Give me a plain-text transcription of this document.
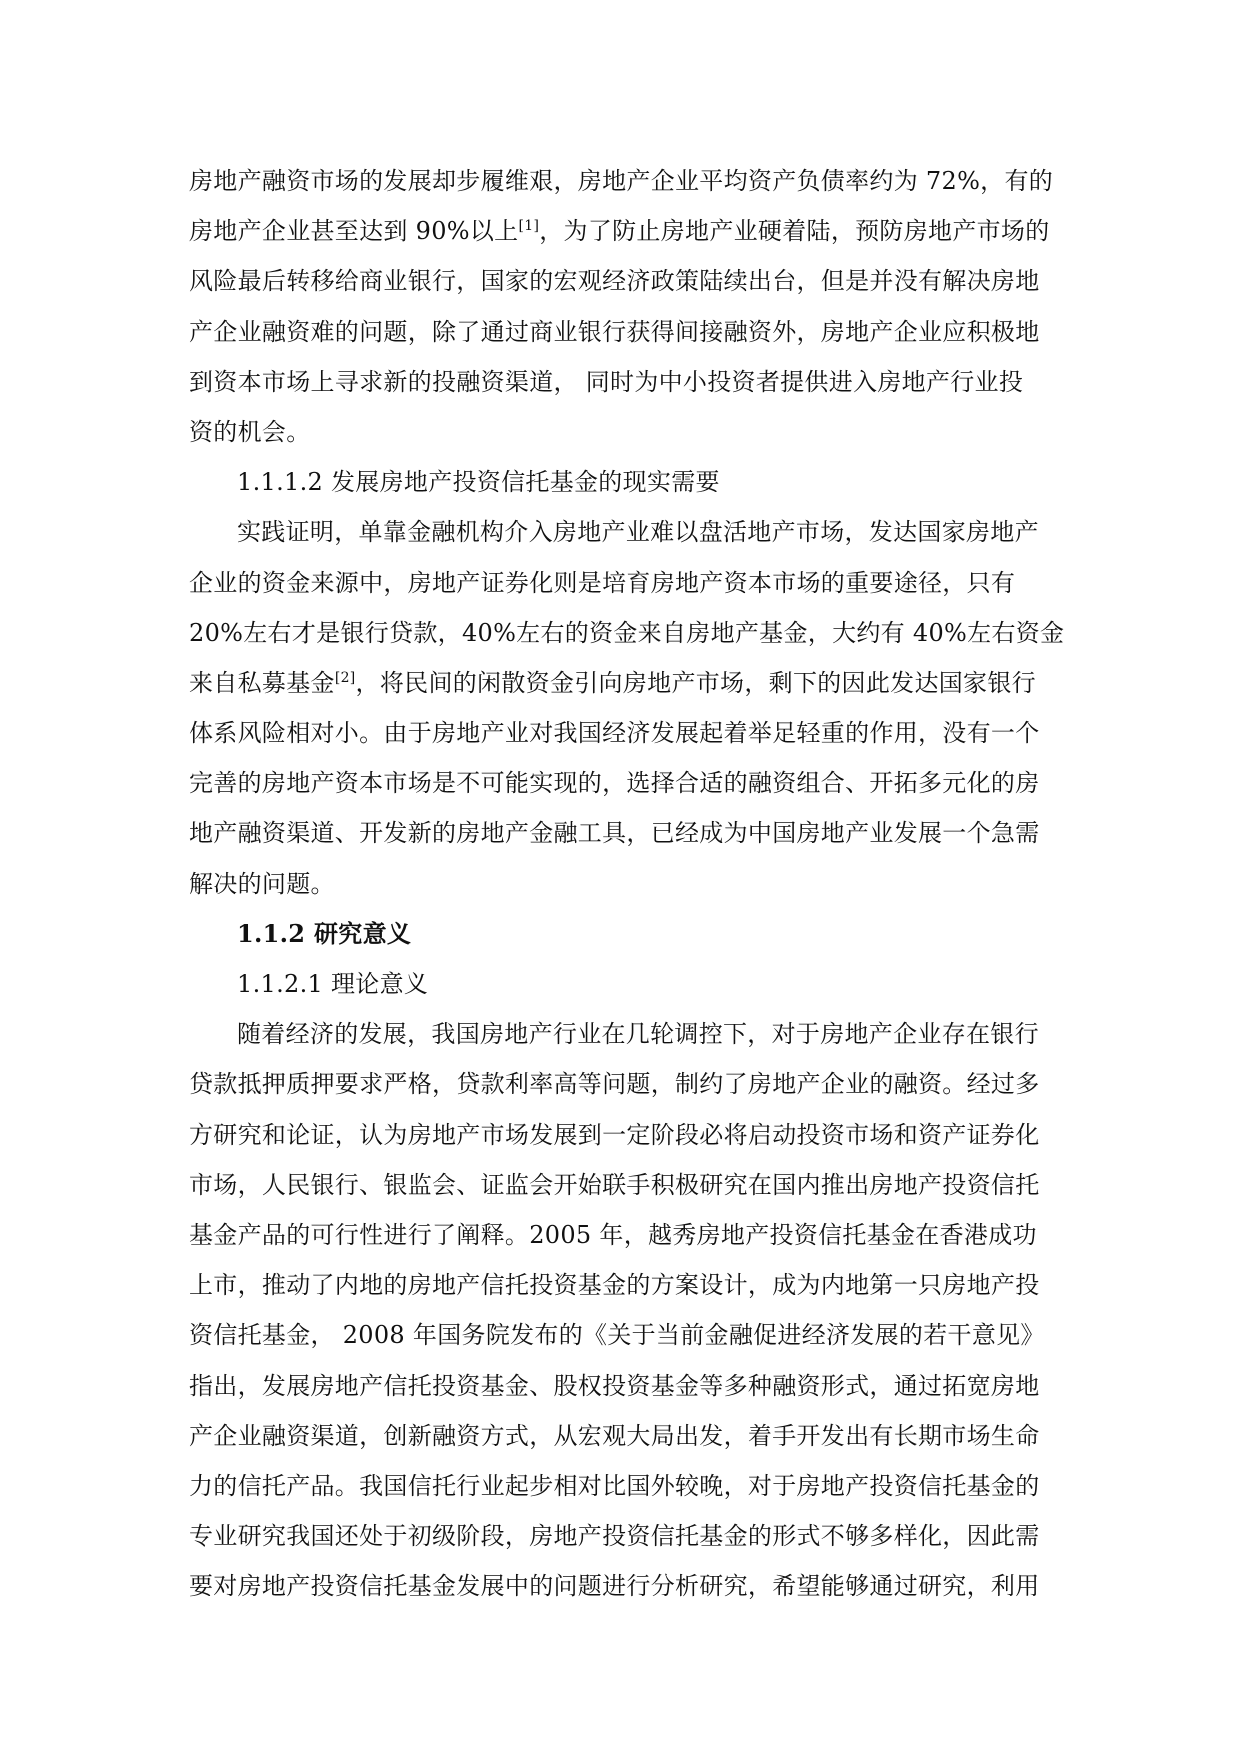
房地产融资市场的发展却步履维艰，房地产企业平均资产负债率约为 72%，有的
房地产企业甚至达到 90%以上[1]，为了防止房地产业硬着陆，预防房地产市场的
风险最后转移给商业银行，国家的宏观经济政策陆续出台，但是并没有解决房地
产企业融资难的问题，除了通过商业银行获得间接融资外，房地产企业应积极地
到资本市场上寻求新的投融资渠道， 同时为中小投资者提供进入房地产行业投
资的机会。
1.1.1.2 发展房地产投资信托基金的现实需要
实践证明，单靠金融机构介入房地产业难以盘活地产市场，发达国家房地产
企业的资金来源中，房地产证券化则是培育房地产资本市场的重要途径，只有
20%左右才是银行贷款，40%左右的资金来自房地产基金，大约有 40%左右资金
来自私募基金[2]，将民间的闲散资金引向房地产市场，剩下的因此发达国家银行
体系风险相对小。由于房地产业对我国经济发展起着举足轻重的作用，没有一个
完善的房地产资本市场是不可能实现的，选择合适的融资组合、开拓多元化的房
地产融资渠道、开发新的房地产金融工具，已经成为中国房地产业发展一个急需
解决的问题。
1.1.2 研究意义
1.1.2.1 理论意义
随着经济的发展，我国房地产行业在几轮调控下，对于房地产企业存在银行
贷款抵押质押要求严格，贷款利率高等问题，制约了房地产企业的融资。经过多
方研究和论证，认为房地产市场发展到一定阶段必将启动投资市场和资产证券化
市场，人民银行、银监会、证监会开始联手积极研究在国内推出房地产投资信托
基金产品的可行性进行了阐释。2005 年，越秀房地产投资信托基金在香港成功
上市，推动了内地的房地产信托投资基金的方案设计，成为内地第一只房地产投
资信托基金， 2008 年国务院发布的《关于当前金融促进经济发展的若干意见》
指出，发展房地产信托投资基金、股权投资基金等多种融资形式，通过拓宽房地
产企业融资渠道，创新融资方式，从宏观大局出发，着手开发出有长期市场生命
力的信托产品。我国信托行业起步相对比国外较晚，对于房地产投资信托基金的
专业研究我国还处于初级阶段，房地产投资信托基金的形式不够多样化，因此需
要对房地产投资信托基金发展中的问题进行分析研究，希望能够通过研究，利用
